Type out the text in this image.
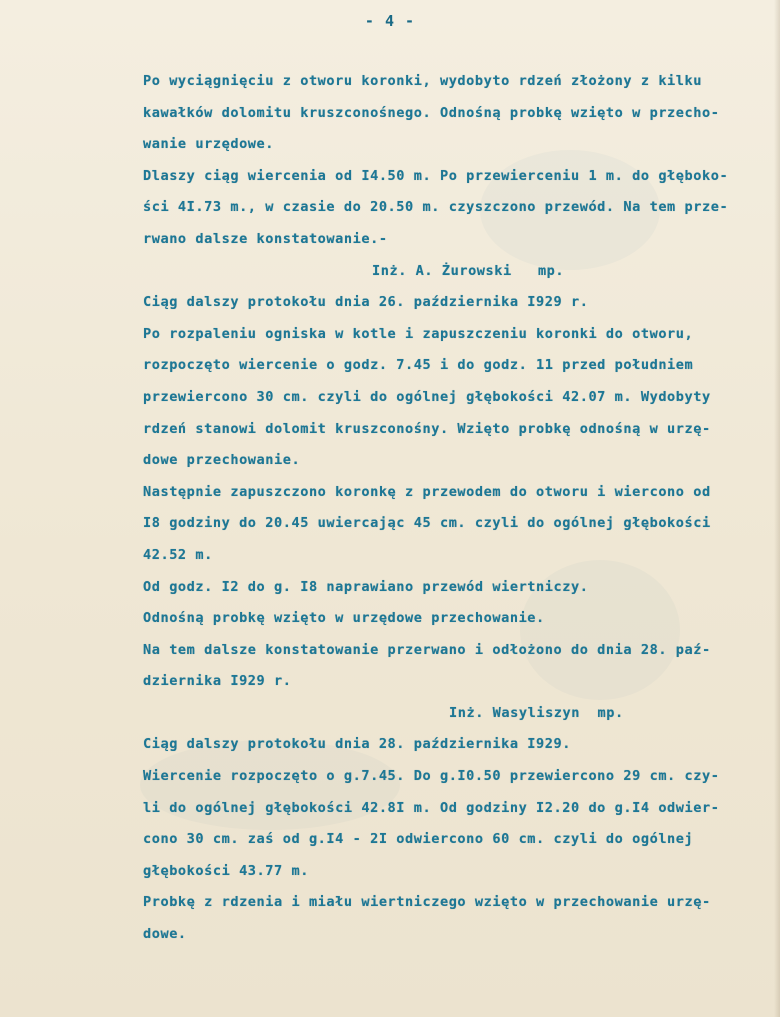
- 4 -
Po wyciągnięciu z otworu koronki, wydobyto rdzeń złożony z kilku
kawałków dolomitu kruszconośnego. Odnośną probkę wzięto w przecho-
wanie urzędowe.
Dlaszy ciąg wiercenia od I4.50 m. Po przewierceniu 1 m. do głęboko-
ści 4I.73 m., w czasie do 20.50 m. czyszczono przewód. Na tem prze-
rwano dalsze konstatowanie.-
Inż. A. Żurowski   mp.
Ciąg dalszy protokołu dnia 26. października I929 r.
Po rozpaleniu ogniska w kotle i zapuszczeniu koronki do otworu,
rozpoczęto wiercenie o godz. 7.45 i do godz. 11 przed południem
przewiercono 30 cm. czyli do ogólnej głębokości 42.07 m. Wydobyty
rdzeń stanowi dolomit kruszconośny. Wzięto probkę odnośną w urzę-
dowe przechowanie.
Następnie zapuszczono koronkę z przewodem do otworu i wiercono od
I8 godziny do 20.45 uwiercając 45 cm. czyli do ogólnej głębokości
42.52 m.
Od godz. I2 do g. I8 naprawiano przewód wiertniczy.
Odnośną probkę wzięto w urzędowe przechowanie.
Na tem dalsze konstatowanie przerwano i odłożono do dnia 28. paź-
dziernika I929 r.
Inż. Wasyliszyn  mp.
Ciąg dalszy protokołu dnia 28. października I929.
Wiercenie rozpoczęto o g.7.45. Do g.I0.50 przewiercono 29 cm. czy-
li do ogólnej głębokości 42.8I m. Od godziny I2.20 do g.I4 odwier-
cono 30 cm. zaś od g.I4 - 2I odwiercono 60 cm. czyli do ogólnej
głębokości 43.77 m.
Probkę z rdzenia i miału wiertniczego wzięto w przechowanie urzę-
dowe.
